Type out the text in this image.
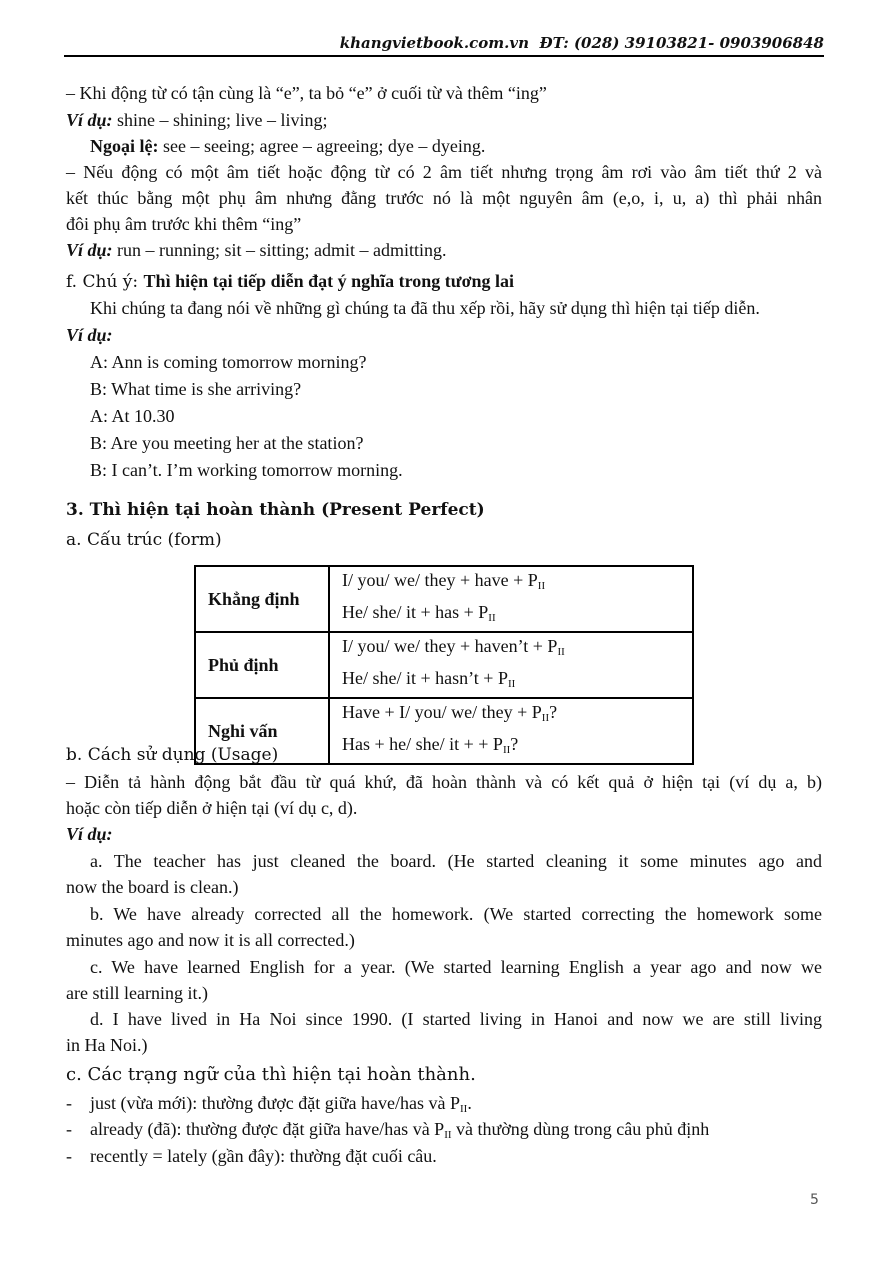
khangvietbook.com.vn ĐT: (028) 39103821- 0903906848
– Khi động từ có tận cùng là “e”, ta bỏ “e” ở cuối từ và thêm “ing”
Ví dụ: shine – shining; live – living;
Ngoại lệ: see – seeing; agree – agreeing; dye – dyeing.
– Nếu động có một âm tiết hoặc động từ có 2 âm tiết nhưng trọng âm rơi vào âm tiết thứ 2 và
kết thúc bằng một phụ âm nhưng đằng trước nó là một nguyên âm (e,o, i, u, a) thì phải nhân
đôi phụ âm trước khi thêm “ing”
Ví dụ: run – running; sit – sitting; admit – admitting.
f. Chú ý: Thì hiện tại tiếp diễn đạt ý nghĩa trong tương lai
Khi chúng ta đang nói về những gì chúng ta đã thu xếp rồi, hãy sử dụng thì hiện tại tiếp diễn.
Ví dụ:
A: Ann is coming tomorrow morning?
B: What time is she arriving?
A: At 10.30
B: Are you meeting her at the station?
B: I can’t. I’m working tomorrow morning.
3. Thì hiện tại hoàn thành (Present Perfect)
a. Cấu trúc (form)
Khẳng định	I/ you/ we/ they + have + $P_{II}$
He/ she/ it + has + $P_{II}$

Phủ định	I/ you/ we/ they + haven’t + $P_{II}$
He/ she/ it + hasn’t + $P_{II}$

Nghi vấn	Have + I/ you/ we/ they + $P_{II}$?
Has + he/ she/ it + + $P_{II}$?
b. Cách sử dụng (Usage)
– Diễn tả hành động bắt đầu từ quá khứ, đã hoàn thành và có kết quả ở hiện tại (ví dụ a, b)
hoặc còn tiếp diễn ở hiện tại (ví dụ c, d).
Ví dụ:
a. The teacher has just cleaned the board. (He started cleaning it some minutes ago and
now the board is clean.)
b. We have already corrected all the homework. (We started correcting the homework some
minutes ago and now it is all corrected.)
c. We have learned English for a year. (We started learning English a year ago and now we
are still learning it.)
d. I have lived in Ha Noi since 1990. (I started living in Hanoi and now we are still living
in Ha Noi.)
c. Các trạng ngữ của thì hiện tại hoàn thành.
- just (vừa mới): thường được đặt giữa have/has và $P_{II}$.
- already (đã): thường được đặt giữa have/has và $P_{II}$ và thường dùng trong câu phủ định
- recently = lately (gần đây): thường đặt cuối câu.
5
